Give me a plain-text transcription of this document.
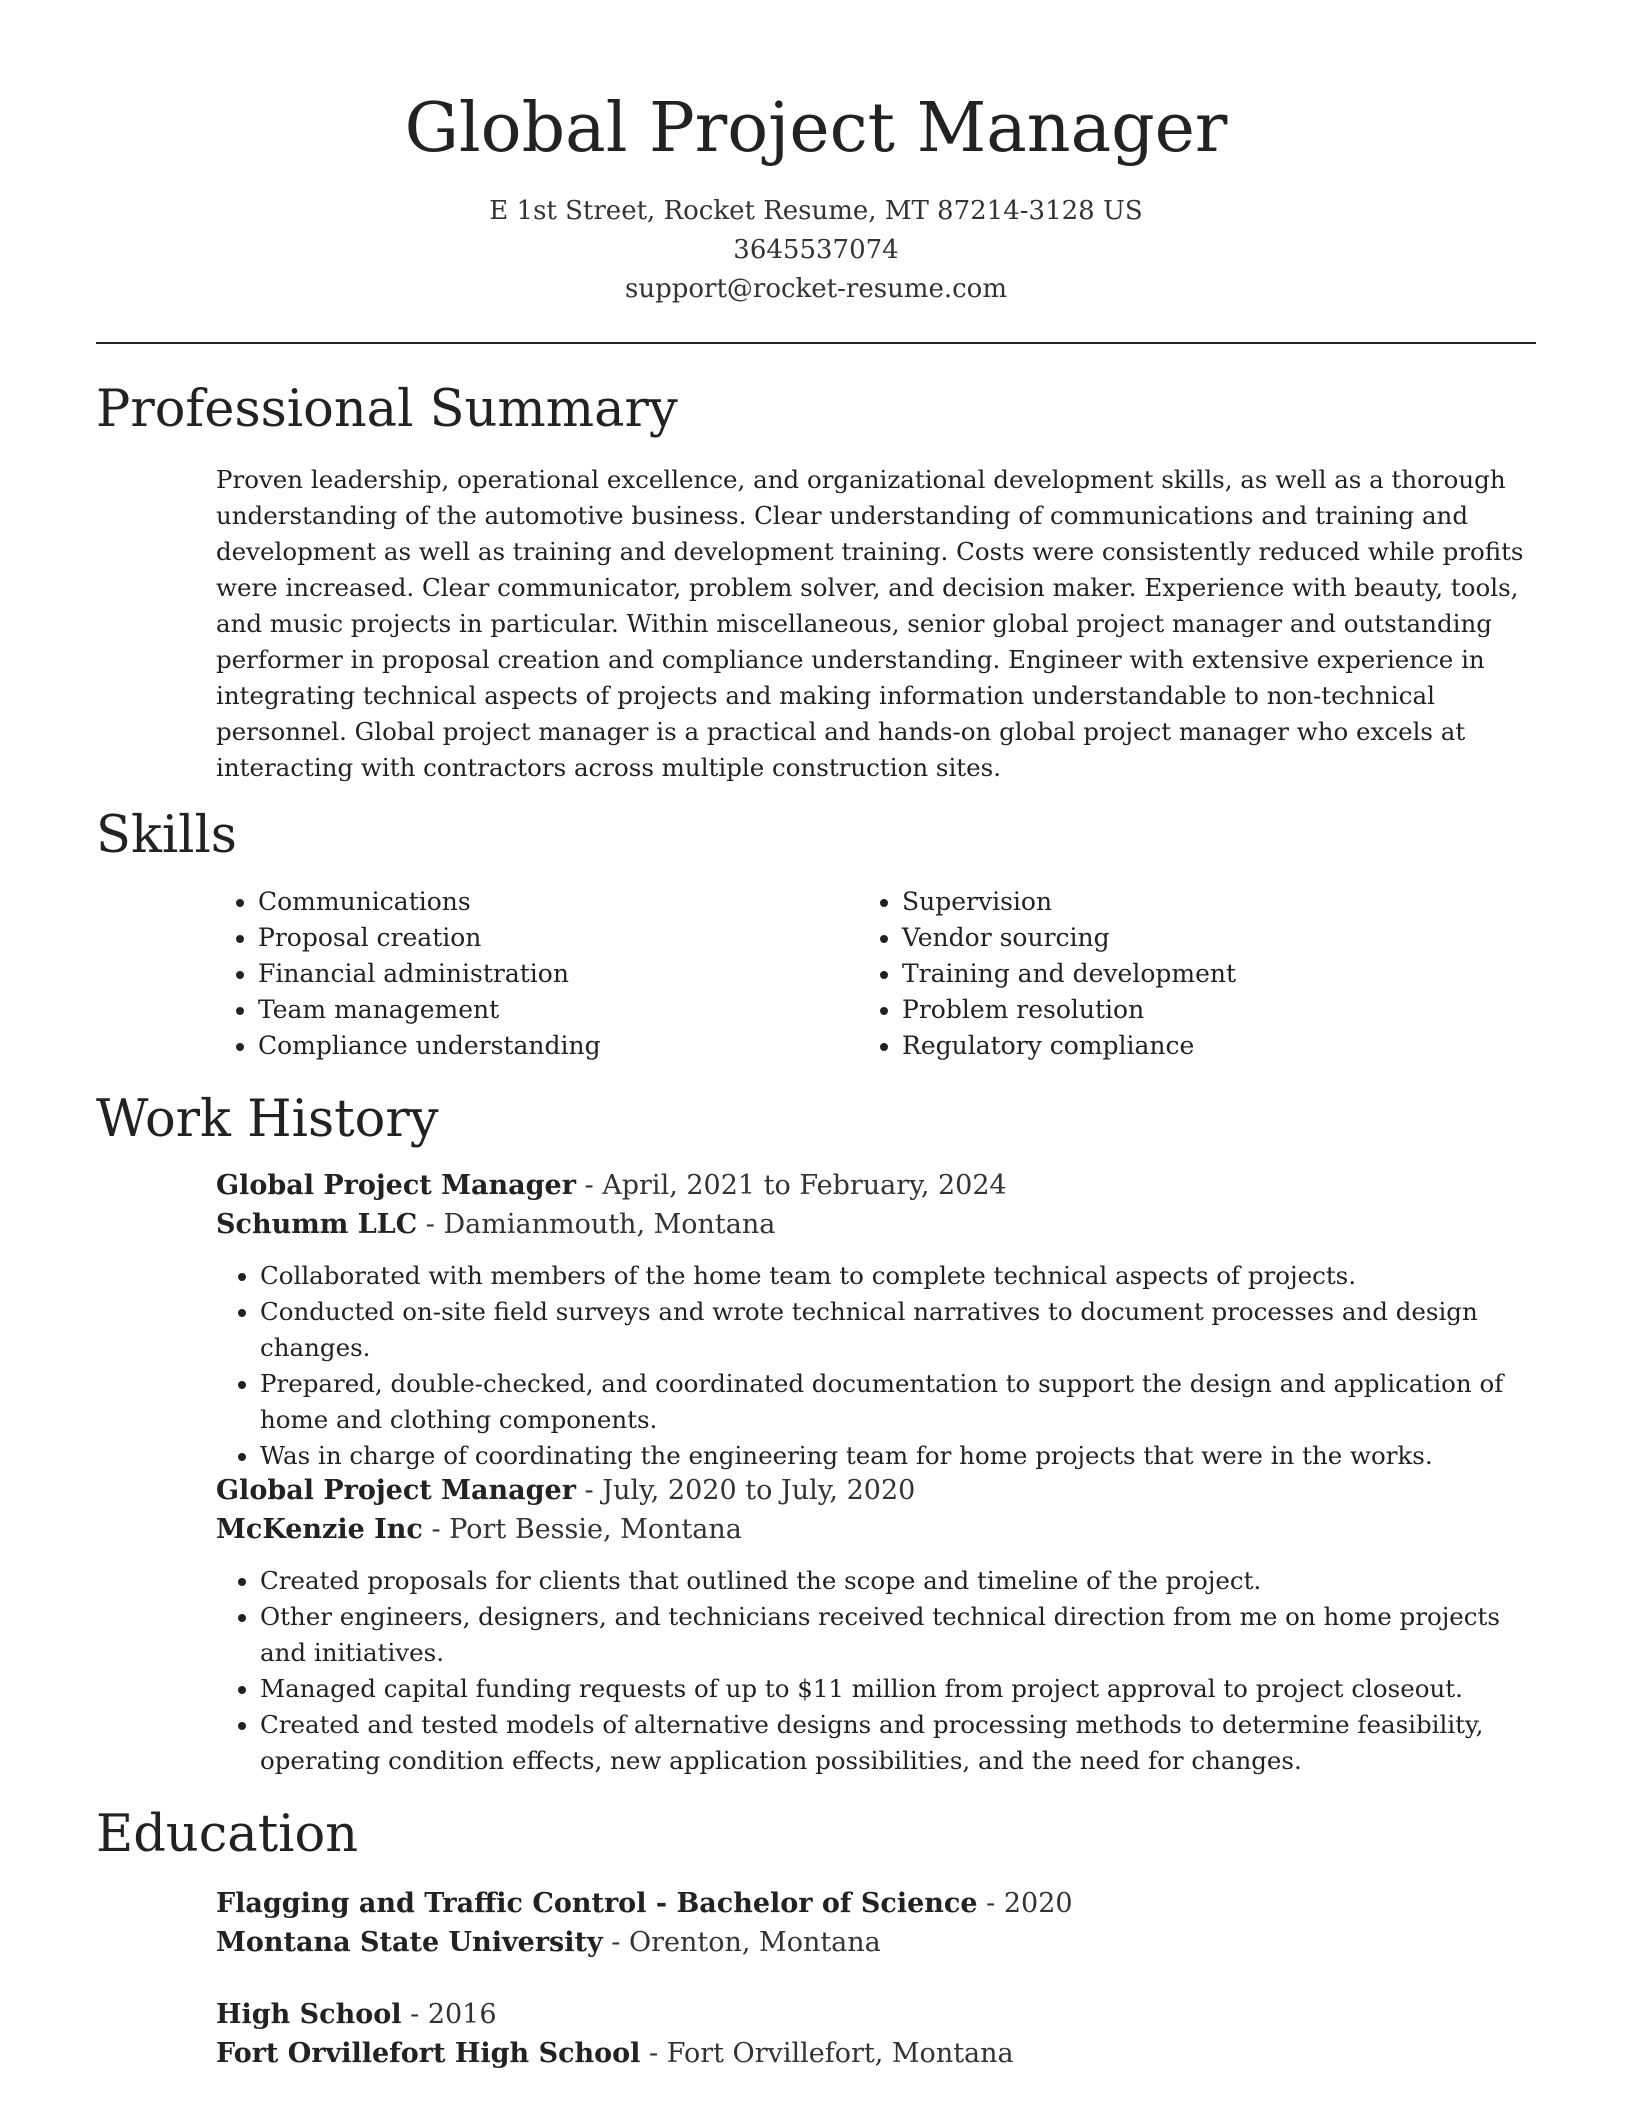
Global Project Manager
E 1st Street, Rocket Resume, MT 87214-3128 US
3645537074
support@rocket-resume.com
Professional Summary

Proven leadership, operational excellence, and organizational development skills, as well as a thorough understanding of the automotive business. Clear understanding of communications and training and development as well as training and development training. Costs were consistently reduced while profits were increased. Clear communicator, problem solver, and decision maker. Experience with beauty, tools, and music projects in particular. Within miscellaneous, senior global project manager and outstanding performer in proposal creation and compliance understanding. Engineer with extensive experience in integrating technical aspects of projects and making information understandable to non-technical personnel. Global project manager is a practical and hands-on global project manager who excels at interacting with contractors across multiple construction sites.

Skills
• Communications
• Proposal creation
• Financial administration
• Team management
• Compliance understanding
• Supervision
• Vendor sourcing
• Training and development
• Problem resolution
• Regulatory compliance
Work History
Global Project Manager - April, 2021 to February, 2024
Schumm LLC - Damianmouth, Montana
• Collaborated with members of the home team to complete technical aspects of projects.
• Conducted on-site field surveys and wrote technical narratives to document processes and design changes.
• Prepared, double-checked, and coordinated documentation to support the design and application of home and clothing components.
• Was in charge of coordinating the engineering team for home projects that were in the works.
Global Project Manager - July, 2020 to July, 2020
McKenzie Inc - Port Bessie, Montana
• Created proposals for clients that outlined the scope and timeline of the project.
• Other engineers, designers, and technicians received technical direction from me on home projects and initiatives.
• Managed capital funding requests of up to $11 million from project approval to project closeout.
• Created and tested models of alternative designs and processing methods to determine feasibility, operating condition effects, new application possibilities, and the need for changes.
Education
Flagging and Traffic Control - Bachelor of Science - 2020
Montana State University - Orenton, Montana
High School - 2016
Fort Orvillefort High School - Fort Orvillefort, Montana
